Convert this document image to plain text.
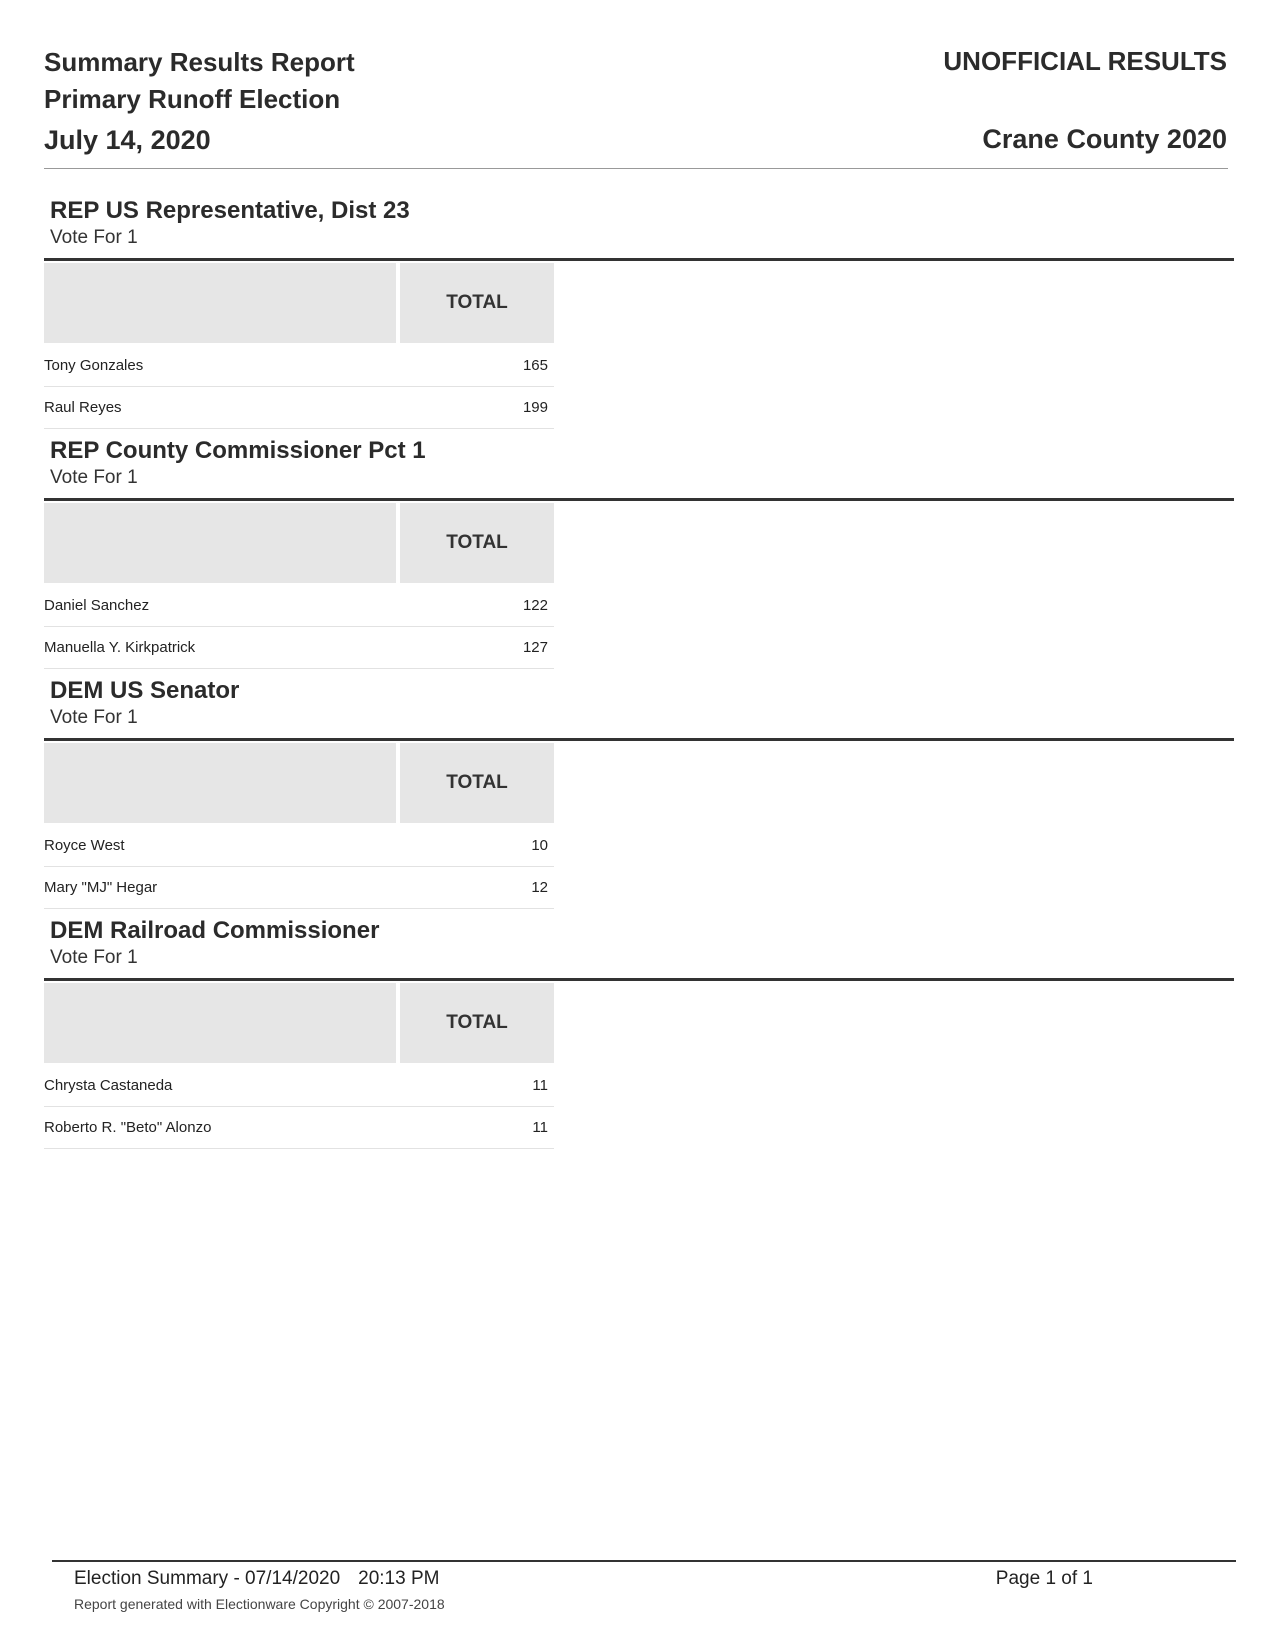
Summary Results Report
Primary Runoff Election
July 14, 2020
UNOFFICIAL RESULTS
Crane County 2020
REP US Representative, Dist 23
Vote For 1
TOTAL
Tony Gonzales	165
Raul Reyes	199
REP County Commissioner Pct 1
Vote For 1
TOTAL
Daniel Sanchez	122
Manuella Y. Kirkpatrick	127
DEM US Senator
Vote For 1
TOTAL
Royce West	10
Mary "MJ" Hegar	12
DEM Railroad Commissioner
Vote For 1
TOTAL
Chrysta Castaneda	11
Roberto R. "Beto" Alonzo	11
Election Summary - 07/14/2020 20:13 PM
Report generated with Electionware Copyright © 2007-2018
Page 1 of 1
